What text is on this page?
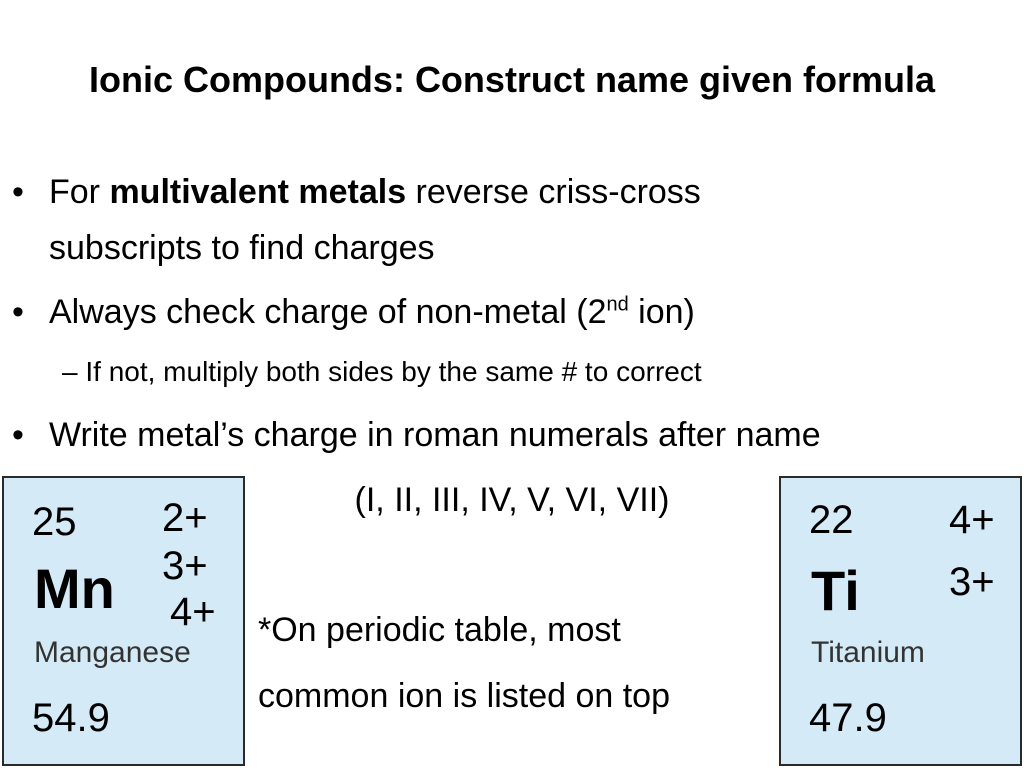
Ionic Compounds: Construct name given formula
• For multivalent metals reverse criss-cross
subscripts to find charges
• Always check charge of non-metal (2nd ion)
– If not, multiply both sides by the same # to correct
• Write metal’s charge in roman numerals after name
(I, II, III, IV, V, VI, VII)
*On periodic table, most
common ion is listed on top
25 2+
3+
4+
Mn
Manganese
54.9
22 4+
3+
Ti
Titanium
47.9
